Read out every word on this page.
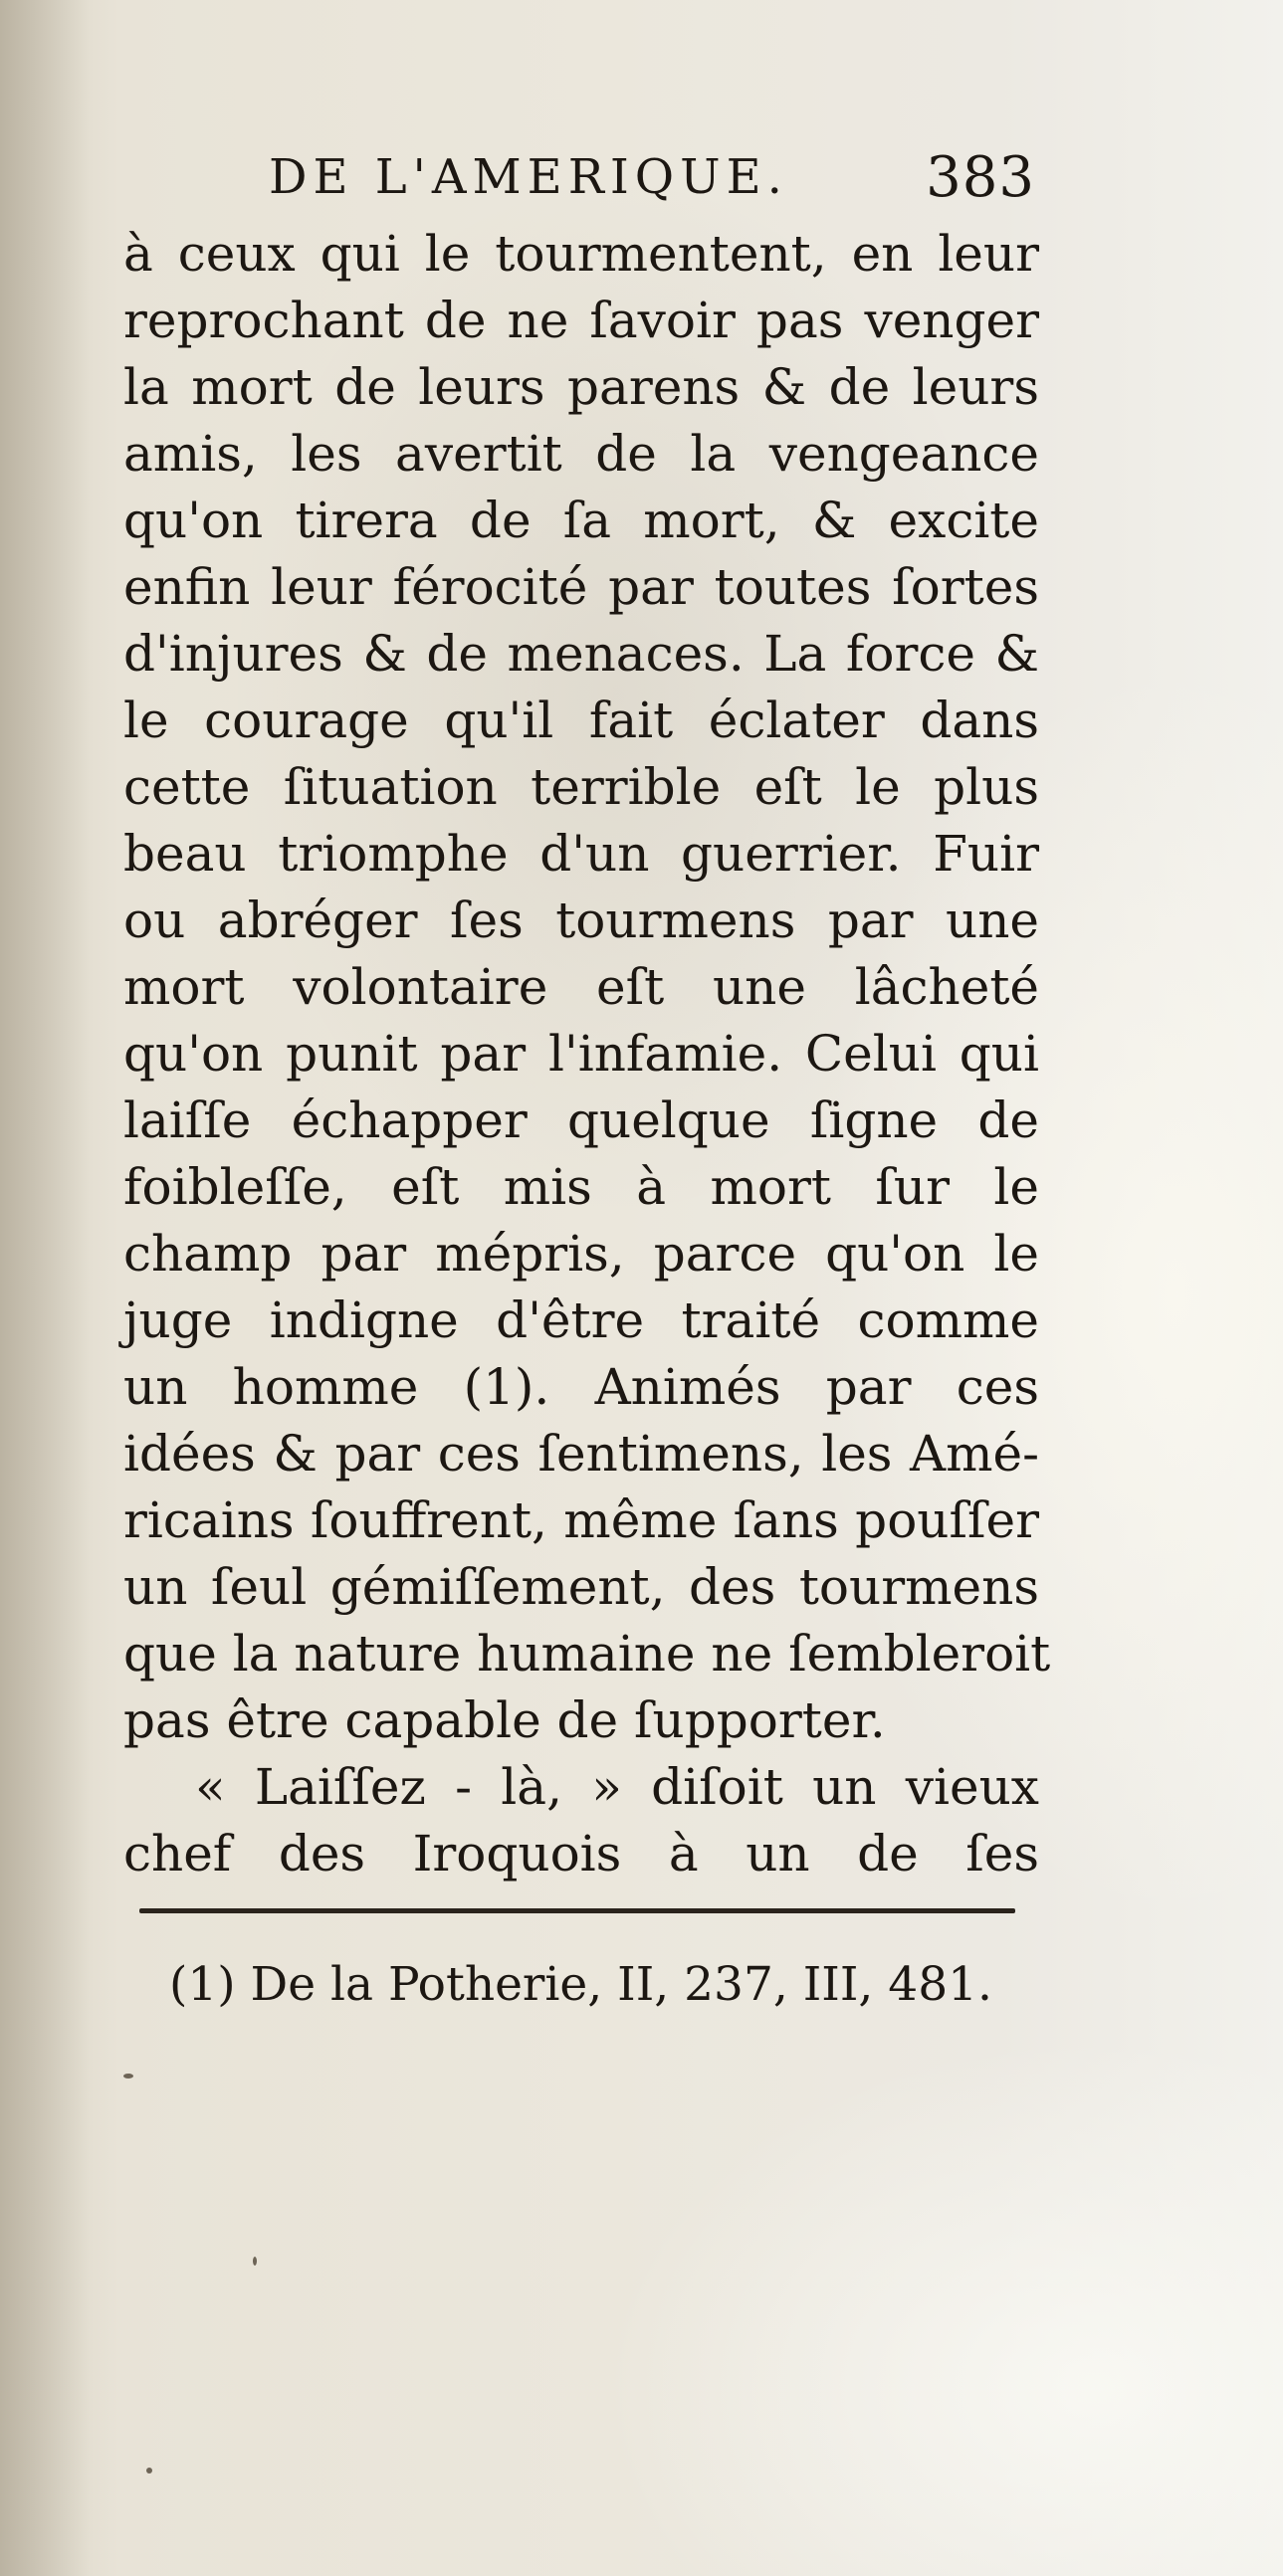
DE L'AMERIQUE. 383
à ceux qui le tourmentent, en leur
reprochant de ne ſavoir pas venger
la mort de leurs parens & de leurs
amis, les avertit de la vengeance
qu'on tirera de ſa mort, & excite
enfin leur férocité par toutes ſortes
d'injures & de menaces. La force &
le courage qu'il fait éclater dans
cette ſituation terrible eſt le plus
beau triomphe d'un guerrier. Fuir
ou abréger ſes tourmens par une
mort volontaire eſt une lâcheté
qu'on punit par l'infamie. Celui qui
laiſſe échapper quelque ſigne de
foibleſſe, eſt mis à mort ſur le
champ par mépris, parce qu'on le
juge indigne d'être traité comme
un homme (1). Animés par ces
idées & par ces ſentimens, les Amé-
ricains ſouffrent, même ſans pouſſer
un ſeul gémiſſement, des tourmens
que la nature humaine ne ſembleroit
pas être capable de ſupporter.
« Laiſſez - là, » diſoit un vieux
chef des Iroquois à un de ſes
(1) De la Potherie, II, 237, III, 481.
